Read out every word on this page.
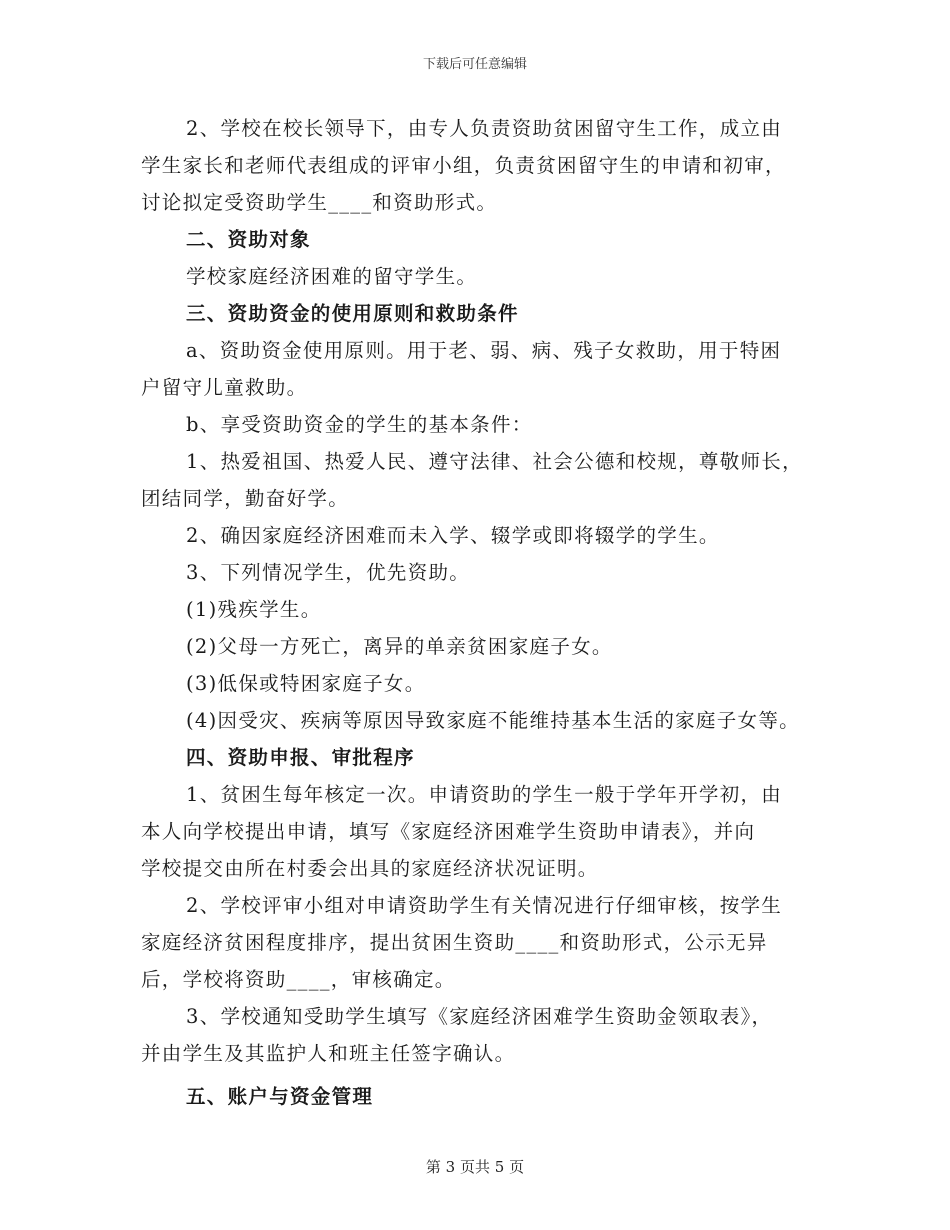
下载后可任意编辑

2、学校在校长领导下，由专人负责资助贫困留守生工作，成立由
学生家长和老师代表组成的评审小组，负责贫困留守生的申请和初审，
讨论拟定受资助学生____和资助形式。

二、资助对象

学校家庭经济困难的留守学生。

三、资助资金的使用原则和救助条件

a、资助资金使用原则。用于老、弱、病、残子女救助，用于特困
户留守儿童救助。

b、享受资助资金的学生的基本条件：

1、热爱祖国、热爱人民、遵守法律、社会公德和校规，尊敬师长，
团结同学，勤奋好学。

2、确因家庭经济困难而未入学、辍学或即将辍学的学生。

3、下列情况学生，优先资助。

(1)残疾学生。

(2)父母一方死亡，离异的单亲贫困家庭子女。

(3)低保或特困家庭子女。

(4)因受灾、疾病等原因导致家庭不能维持基本生活的家庭子女等。

四、资助申报、审批程序

1、贫困生每年核定一次。申请资助的学生一般于学年开学初，由
本人向学校提出申请，填写《家庭经济困难学生资助申请表》，并向
学校提交由所在村委会出具的家庭经济状况证明。

2、学校评审小组对申请资助学生有关情况进行仔细审核，按学生
家庭经济贫困程度排序，提出贫困生资助____和资助形式，公示无异
后，学校将资助____，审核确定。

3、学校通知受助学生填写《家庭经济困难学生资助金领取表》，
并由学生及其监护人和班主任签字确认。

五、账户与资金管理

第 3 页共 5 页
